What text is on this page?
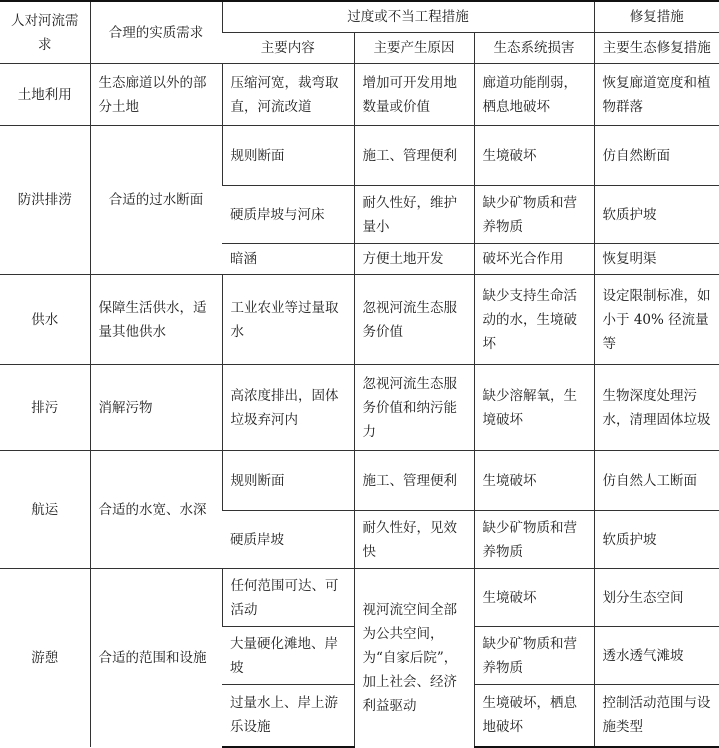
人对河流需求	合理的实质需求	过度或不当工程措施			修复措施
		主要内容	主要产生原因	生态系统损害	主要生态修复措施
土地利用	生态廊道以外的部分土地	压缩河宽，裁弯取直，河流改道	增加可开发用地数量或价值	廊道功能削弱，栖息地破坏	恢复廊道宽度和植物群落
防洪排涝	合适的过水断面	规则断面	施工、管理便利	生境破坏	仿自然断面
		硬质岸坡与河床	耐久性好，维护量小	缺少矿物质和营养物质	软质护坡
		暗涵	方便土地开发	破坏光合作用	恢复明渠
供水	保障生活供水，适量其他供水	工业农业等过量取水	忽视河流生态服务价值	缺少支持生命活动的水，生境破坏	设定限制标准，如小于 40% 径流量等
排污	消解污物	高浓度排出，固体垃圾弃河内	忽视河流生态服务价值和纳污能力	缺少溶解氧，生境破坏	生物深度处理污水，清理固体垃圾
航运	合适的水宽、水深	规则断面	施工、管理便利	生境破坏	仿自然人工断面
		硬质岸坡	耐久性好，见效快	缺少矿物质和营养物质	软质护坡
游憩	合适的范围和设施	任何范围可达、可活动	视河流空间全部为公共空间，为“自家后院”，加上社会、经济利益驱动	生境破坏	划分生态空间
		大量硬化滩地、岸坡		缺少矿物质和营养物质	透水透气滩坡
		过量水上、岸上游乐设施		生境破坏，栖息地破坏	控制活动范围与设施类型
